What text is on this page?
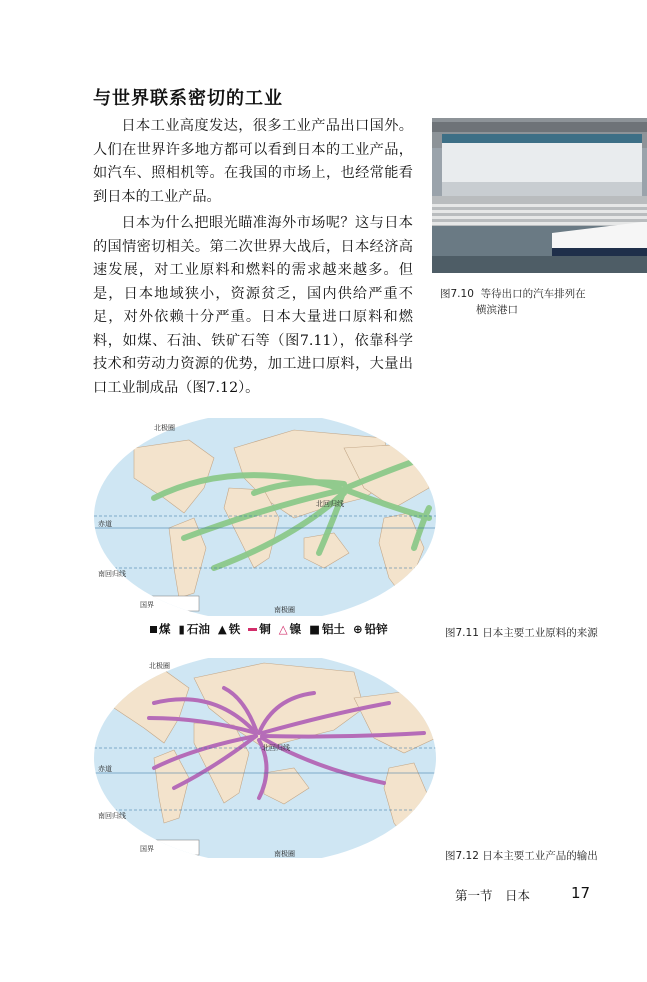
与世界联系密切的工业

日本工业高度发达，很多工业产品出口国外。人们在世界许多地方都可以看到日本的工业产品，如汽车、照相机等。在我国的市场上，也经常能看到日本的工业产品。

日本为什么把眼光瞄准海外市场呢？这与日本的国情密切相关。第二次世界大战后，日本经济高速发展，对工业原料和燃料的需求越来越多。但是，日本地域狭小，资源贫乏，国内供给严重不足，对外依赖十分严重。日本大量进口原料和燃料，如煤、石油、铁矿石等（图7.11），依靠科学技术和劳动力资源的优势，加工进口原料，大量出口工业制成品（图7.12）。

图7.10 等待出口的汽车排列在
横滨港口
北极圈
北回归线
赤道
南回归线
南极圈
国界
煤 ▮ 石油 ▲ 铁 铜 △ 镍 ■ 铝土 ⊕ 铅锌	图7.11 日本主要工业原料的来源
北极圈
北回归线
赤道
南回归线
南极圈
国界
图7.12 日本主要工业产品的输出
第一节　日本	17
